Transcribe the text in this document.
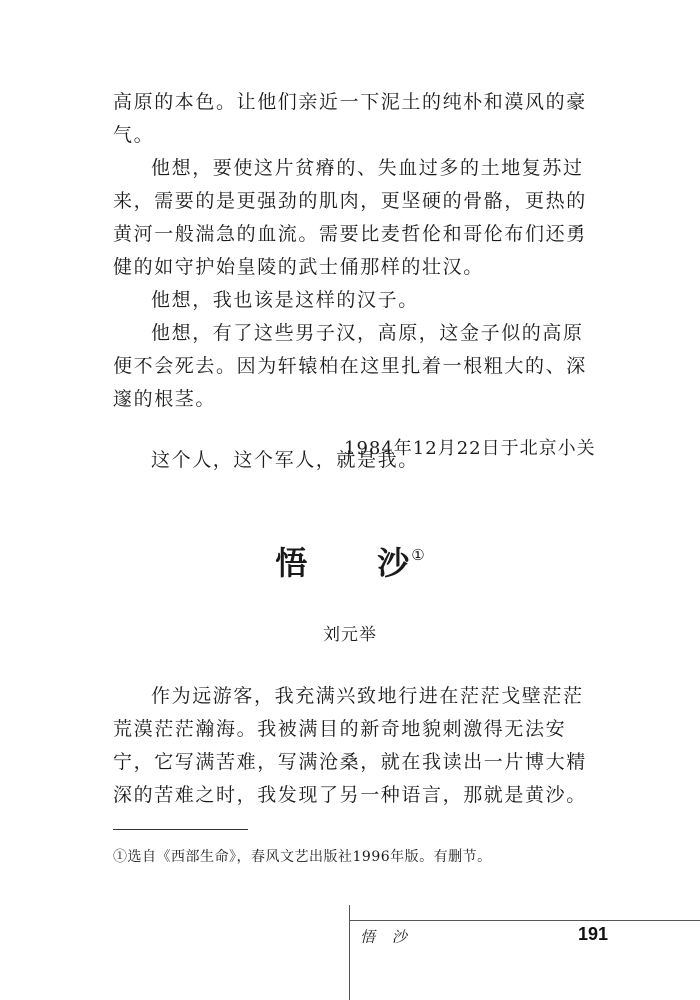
高原的本色。让他们亲近一下泥土的纯朴和漠风的豪气。

他想，要使这片贫瘠的、失血过多的土地复苏过来，需要的是更强劲的肌肉，更坚硬的骨骼，更热的黄河一般湍急的血流。需要比麦哲伦和哥伦布们还勇健的如守护始皇陵的武士俑那样的壮汉。

他想，我也该是这样的汉子。

他想，有了这些男子汉，高原，这金子似的高原便不会死去。因为轩辕柏在这里扎着一根粗大的、深邃的根茎。

这个人，这个军人，就是我。

1984年12月22日于北京小关
悟　　沙①
刘元举

作为远游客，我充满兴致地行进在茫茫戈壁茫茫荒漠茫茫瀚海。我被满目的新奇地貌刺激得无法安宁，它写满苦难，写满沧桑，就在我读出一片博大精深的苦难之时，我发现了另一种语言，那就是黄沙。

①选自《西部生命》，春风文艺出版社1996年版。有删节。
悟 沙	191
